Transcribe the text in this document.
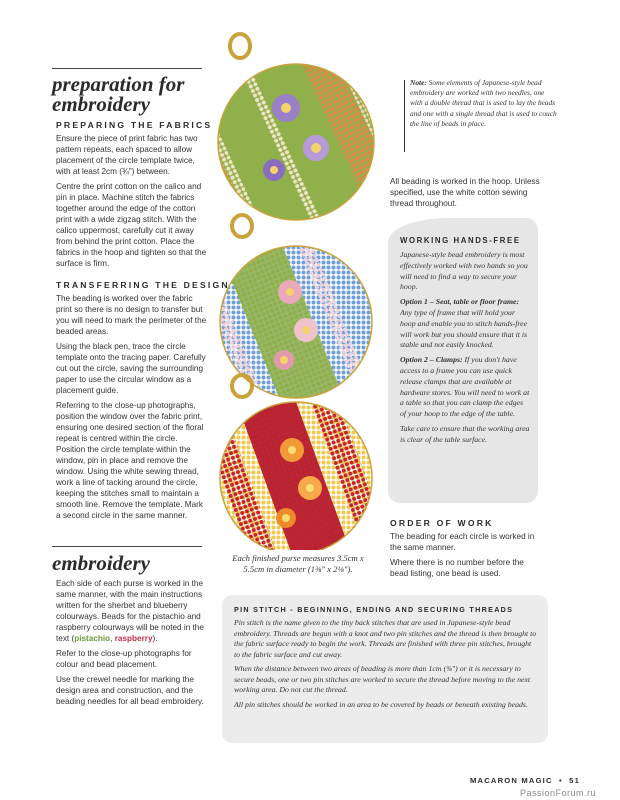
preparation for
embroidery
PREPARING THE FABRICS

Ensure the piece of print fabric has two pattern repeats, each spaced to allow placement of the circle template twice, with at least 2cm (¾") between.

Centre the print cotton on the calico and pin in place. Machine stitch the fabrics together around the edge of the cotton print with a wide zigzag stitch. With the calico uppermost, carefully cut it away from behind the print cotton. Place the fabrics in the hoop and tighten so that the surface is firm.

TRANSFERRING THE DESIGN

The beading is worked over the fabric print so there is no design to transfer but you will need to mark the perimeter of the beaded areas.

Using the black pen, trace the circle template onto the tracing paper. Carefully cut out the circle, saving the surrounding paper to use the circular window as a placement guide.

Referring to the close-up photographs, position the window over the fabric print, ensuring one desired section of the floral repeat is centred within the circle. Position the circle template within the window, pin in place and remove the window. Using the white sewing thread, work a line of tacking around the circle, keeping the stitches small to maintain a smooth line. Remove the template. Mark a second circle in the same manner.

embroidery

Each side of each purse is worked in the same manner, with the main instructions written for the sherbet and blueberry colourways. Beads for the pistachio and raspberry colourways will be noted in the text (pistachio, raspberry).

Refer to the close-up photographs for colour and bead placement.

Use the crewel needle for marking the design area and construction, and the beading needles for all bead embroidery.

Each finished purse measures 3.5cm x 5.5cm in diameter (1⅜" x 2⅛").
Note: Some elements of Japanese-style bead embroidery are worked with two needles, one with a double thread that is used to lay the beads and one with a single thread that is used to couch the line of beads in place.
All beading is worked in the hoop. Unless specified, use the white cotton sewing thread throughout.
WORKING HANDS-FREE

Japanese-style bead embroidery is most effectively worked with two hands so you will need to find a way to secure your hoop.

Option 1 – Seat, table or floor frame: Any type of frame that will hold your hoop and enable you to stitch hands-free will work but you should ensure that it is stable and not easily knocked.

Option 2 – Clamps: If you don't have access to a frame you can use quick release clamps that are available at hardware stores. You will need to work at a table so that you can clamp the edges of your hoop to the edge of the table.

Take care to ensure that the working area is clear of the table surface.

ORDER OF WORK

The beading for each circle is worked in the same manner.

Where there is no number before the bead listing, one bead is used.

PIN STITCH - BEGINNING, ENDING AND SECURING THREADS

Pin stitch is the name given to the tiny back stitches that are used in Japanese-style bead embroidery. Threads are begun with a knot and two pin stitches and the thread is then brought to the fabric surface ready to begin the work. Threads are finished with three pin stitches, brought to the fabric surface and cut away.

When the distance between two areas of beading is more than 1cm (⅜") or it is necessary to secure beads, one or two pin stitches are worked to secure the thread before moving to the next working area. Do not cut the thread.

All pin stitches should be worked in an area to be covered by beads or beneath existing beads.

MACARON MAGIC • 51
PassionForum.ru
